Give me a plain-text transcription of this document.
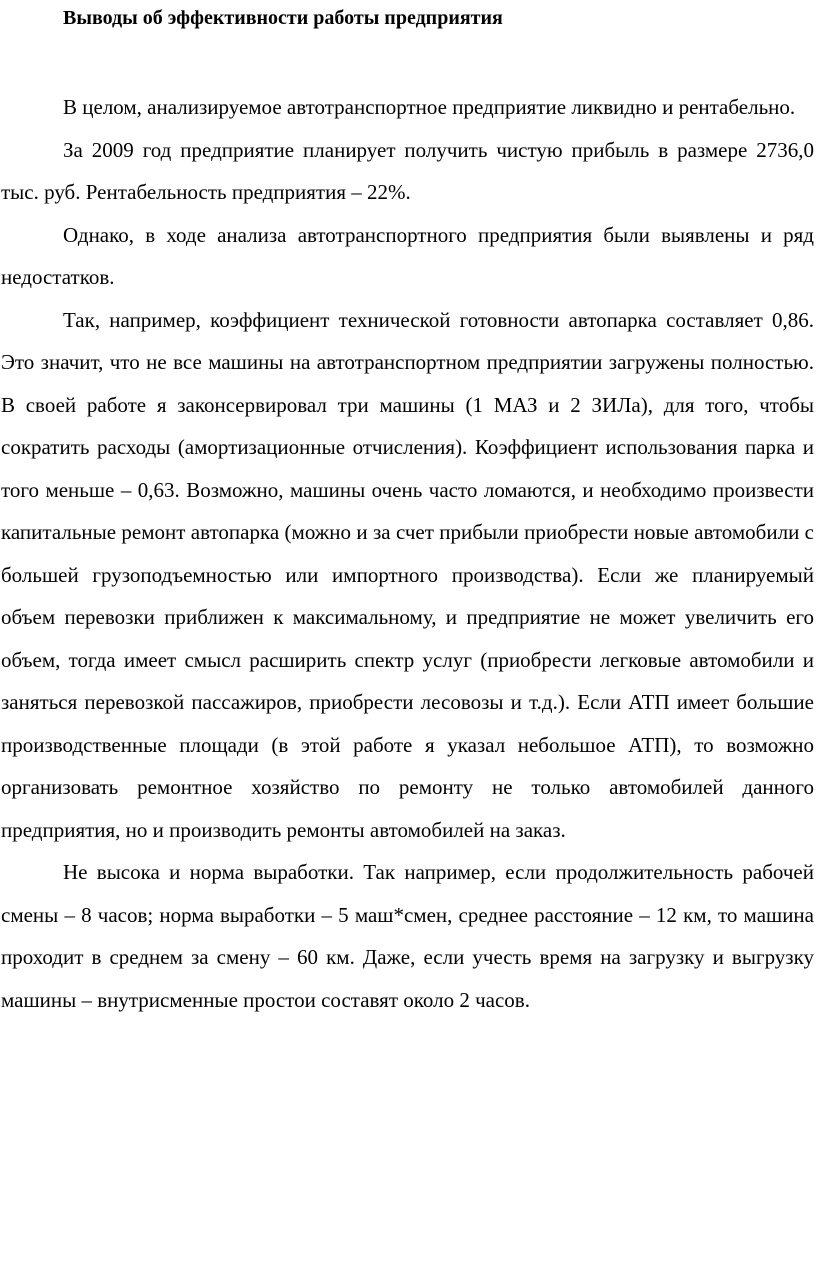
Выводы об эффективности работы предприятия

В целом, анализируемое автотранспортное предприятие ликвидно и рентабельно.

За 2009 год предприятие планирует получить чистую прибыль в размере 2736,0 тыс. руб. Рентабельность предприятия – 22%.

Однако, в ходе анализа автотранспортного предприятия были выявлены и ряд недостатков.

Так, например, коэффициент технической готовности автопарка составляет 0,86. Это значит, что не все машины на автотранспортном предприятии загружены полностью. В своей работе я законсервировал три машины (1 МАЗ и 2 ЗИЛа), для того, чтобы сократить расходы (амортизационные отчисления). Коэффициент использования парка и того меньше – 0,63. Возможно, машины очень часто ломаются, и необходимо произвести капитальные ремонт автопарка (можно и за счет прибыли приобрести новые автомобили с большей грузоподъемностью или импортного производства). Если же планируемый объем перевозки приближен к максимальному, и предприятие не может увеличить его объем, тогда имеет смысл расширить спектр услуг (приобрести легковые автомобили и заняться перевозкой пассажиров, приобрести лесовозы и т.д.). Если АТП имеет большие производственные площади (в этой работе я указал небольшое АТП), то возможно организовать ремонтное хозяйство по ремонту не только автомобилей данного предприятия, но и производить ремонты автомобилей на заказ.

Не высока и норма выработки. Так например, если продолжительность рабочей смены – 8 часов; норма выработки – 5 маш*смен, среднее расстояние – 12 км, то машина проходит в среднем за смену – 60 км. Даже, если учесть время на загрузку и выгрузку машины – внутрисменные простои составят около 2 часов.
